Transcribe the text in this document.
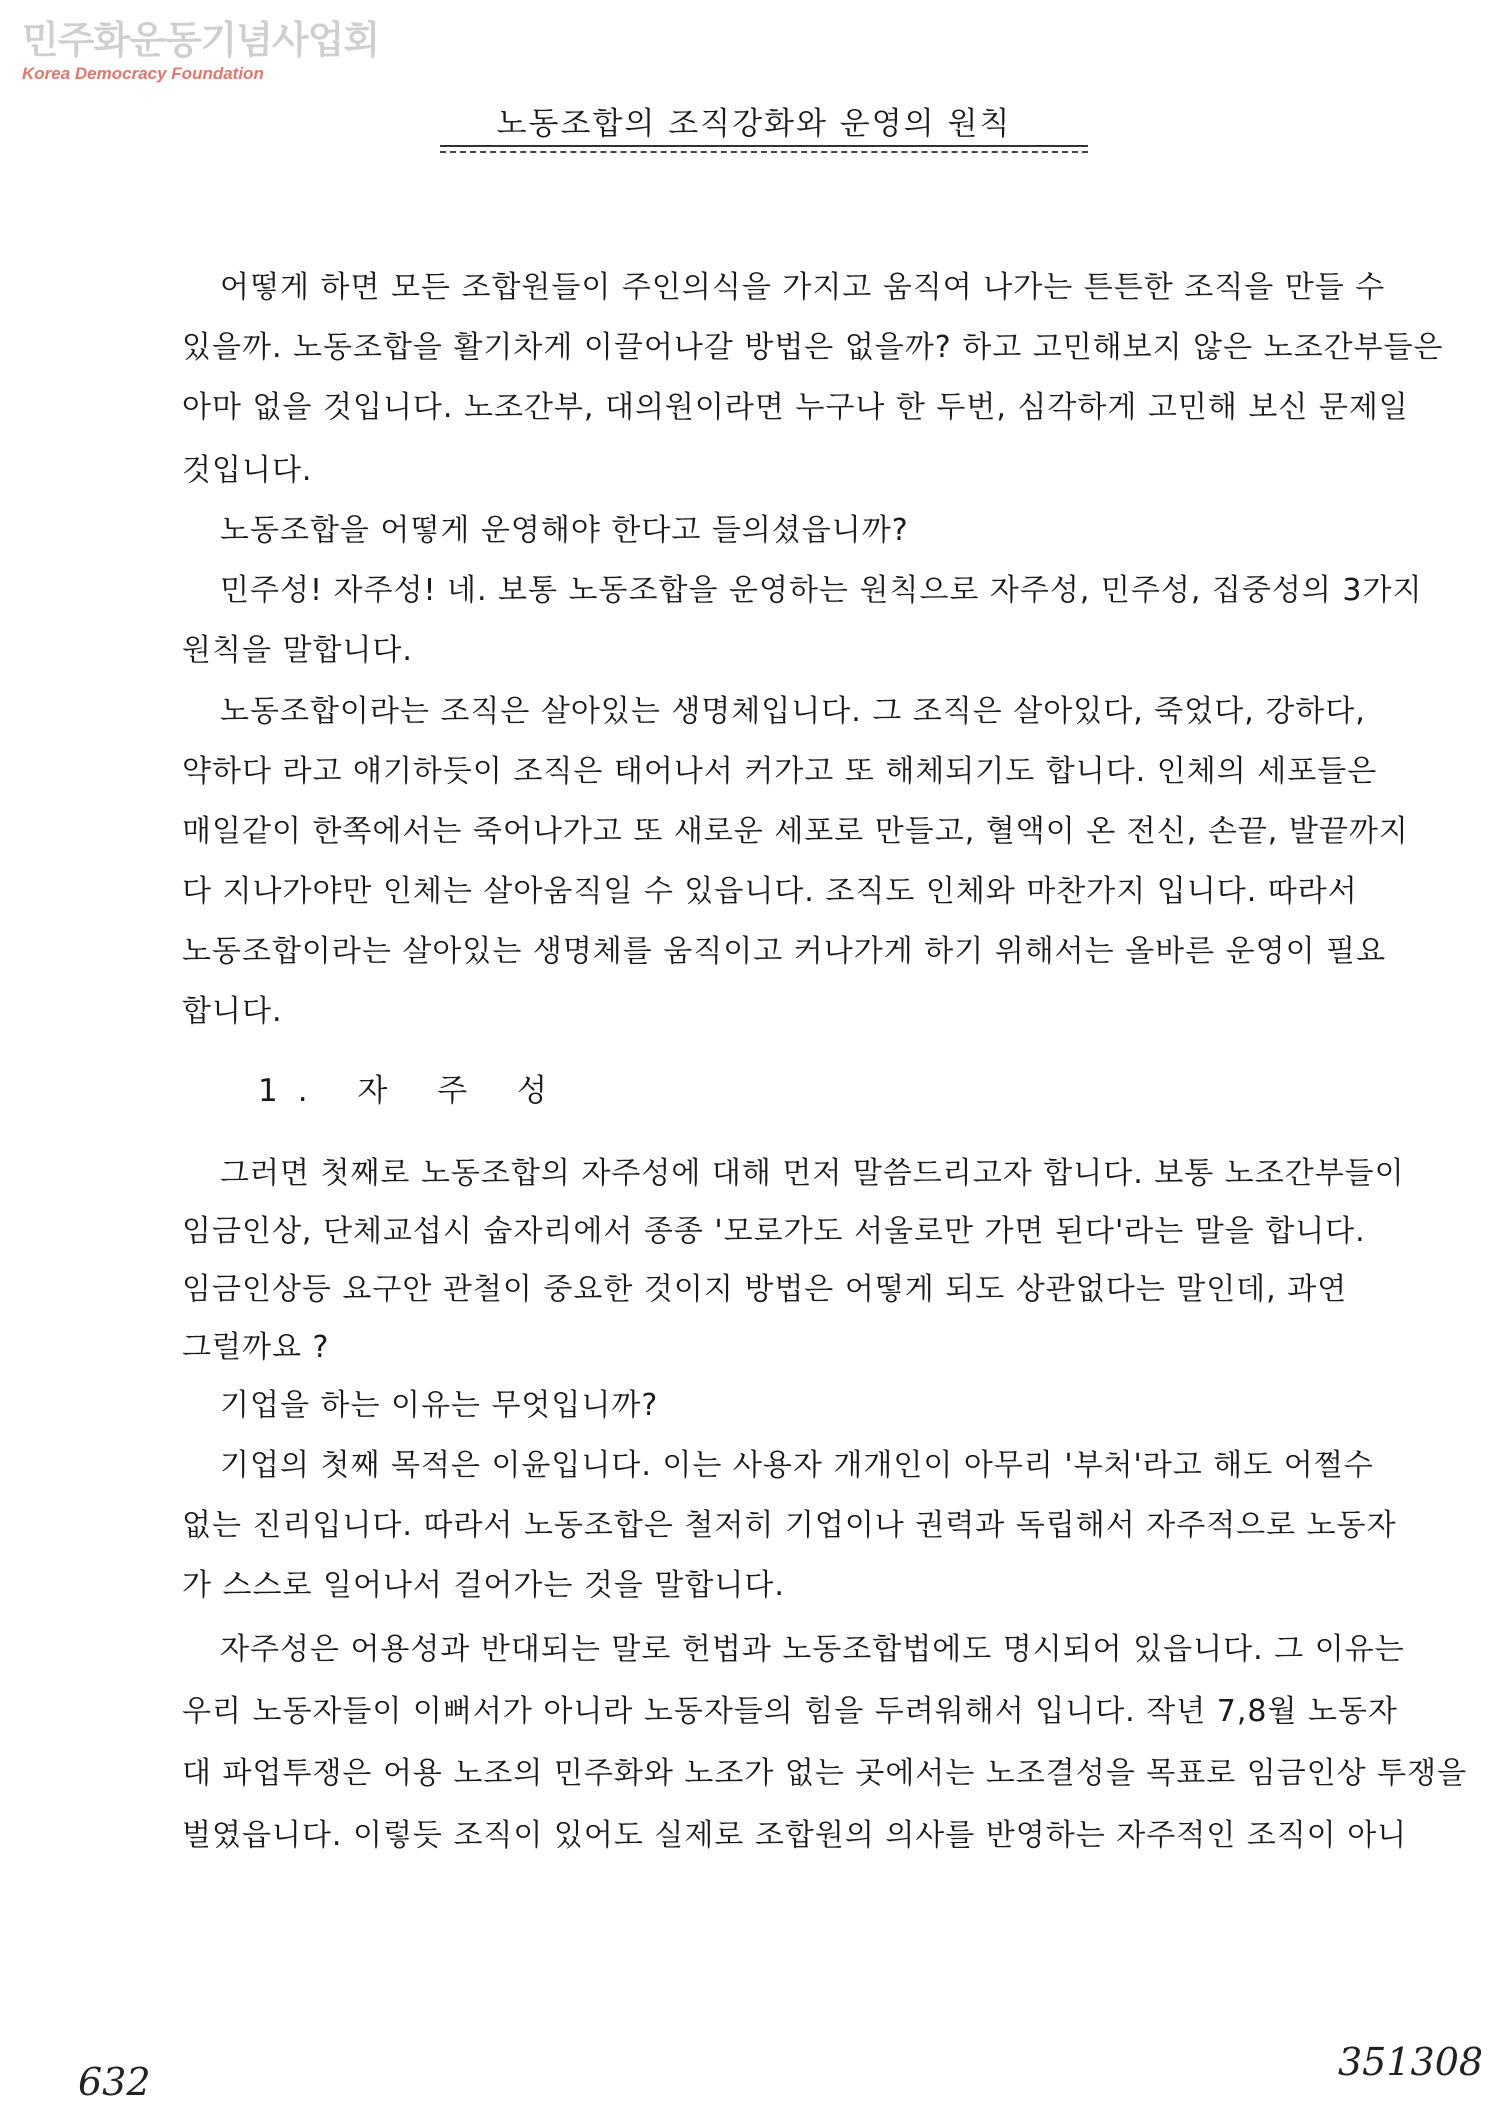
민주화운동기념사업회
Korea Democracy Foundation
노동조합의 조직강화와 운영의 원칙
어떻게 하면 모든 조합원들이 주인의식을 가지고 움직여 나가는 튼튼한 조직을 만들 수
있을까. 노동조합을 활기차게 이끌어나갈 방법은 없을까? 하고 고민해보지 않은 노조간부들은
아마 없을 것입니다. 노조간부, 대의원이라면 누구나 한 두번, 심각하게 고민해 보신 문제일
것입니다.
노동조합을 어떻게 운영해야 한다고 들의셨읍니까?
민주성! 자주성! 네. 보통 노동조합을 운영하는 원칙으로 자주성, 민주성, 집중성의 3가지
원칙을 말합니다.
노동조합이라는 조직은 살아있는 생명체입니다. 그 조직은 살아있다, 죽었다, 강하다,
약하다 라고 얘기하듯이 조직은 태어나서 커가고 또 해체되기도 합니다. 인체의 세포들은
매일같이 한쪽에서는 죽어나가고 또 새로운 세포로 만들고, 혈액이 온 전신, 손끝, 발끝까지
다 지나가야만 인체는 살아움직일 수 있읍니다. 조직도 인체와 마찬가지 입니다. 따라서
노동조합이라는 살아있는 생명체를 움직이고 커나가게 하기 위해서는 올바른 운영이 필요
합니다.
1. 자 주 성
그러면 첫째로 노동조합의 자주성에 대해 먼저 말씀드리고자 합니다. 보통 노조간부들이
임금인상, 단체교섭시 숩자리에서 종종 '모로가도 서울로만 가면 된다'라는 말을 합니다.
임금인상등 요구안 관철이 중요한 것이지 방법은 어떻게 되도 상관없다는 말인데, 과연
그럴까요 ?
기업을 하는 이유는 무엇입니까?
기업의 첫째 목적은 이윤입니다. 이는 사용자 개개인이 아무리 '부처'라고 해도 어쩔수
없는 진리입니다. 따라서 노동조합은 철저히 기업이나 권력과 독립해서 자주적으로 노동자
가 스스로 일어나서 걸어가는 것을 말합니다.
자주성은 어용성과 반대되는 말로 헌법과 노동조합법에도 명시되어 있읍니다. 그 이유는
우리 노동자들이 이뻐서가 아니라 노동자들의 힘을 두려워해서 입니다. 작년 7,8월 노동자
대 파업투쟁은 어용 노조의 민주화와 노조가 없는 곳에서는 노조결성을 목표로 임금인상 투쟁을
벌였읍니다. 이렇듯 조직이 있어도 실제로 조합원의 의사를 반영하는 자주적인 조직이 아니
632	351308
